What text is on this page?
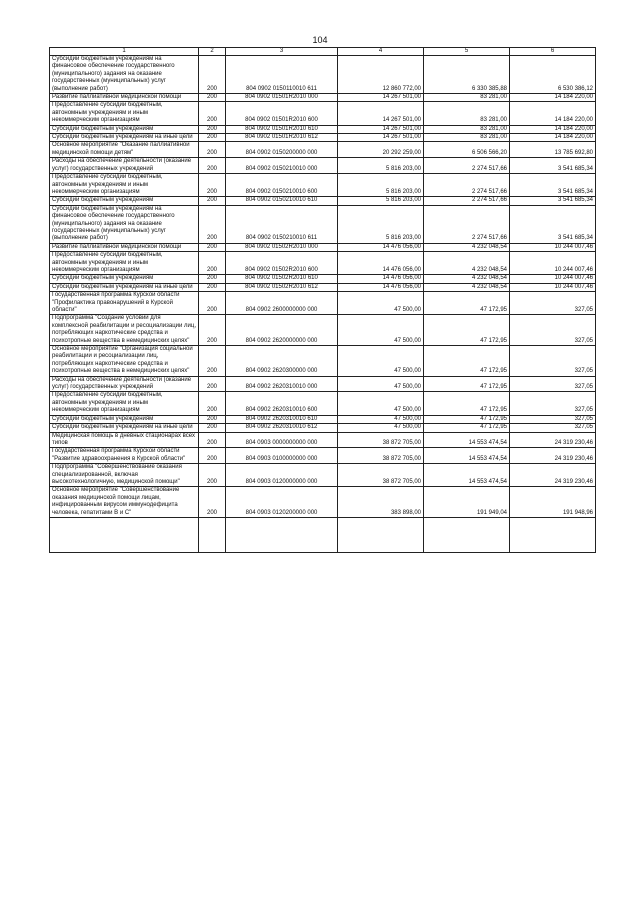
104
1	2	3	4	5	6
Субсидии бюджетным учреждениям на финансовое обеспечение государственного (муниципального) задания на оказание государственных (муниципальных) услуг (выполнение работ)	200	804 0902 0150110010 611	12 860 772,00	6 330 385,88	6 530 386,12
Развитие паллиативной медицинской помощи	200	804 0902 01501R2010 000	14 267 501,00	83 281,00	14 184 220,00
Предоставление субсидий бюджетным, автономным учреждениям и иным некоммерческим организациям	200	804 0902 01501R2010 600	14 267 501,00	83 281,00	14 184 220,00
Субсидии бюджетным учреждениям	200	804 0902 01501R2010 610	14 267 501,00	83 281,00	14 184 220,00
Субсидии бюджетным учреждениям на иные цели	200	804 0902 01501R2010 612	14 267 501,00	83 281,00	14 184 220,00
Основное мероприятие "Оказание паллиативной медицинской помощи детям"	200	804 0902 0150200000 000	20 292 259,00	6 506 566,20	13 785 692,80
Расходы на обеспечение деятельности (оказание услуг) государственных учреждений	200	804 0902 0150210010 000	5 816 203,00	2 274 517,66	3 541 685,34
Предоставление субсидий бюджетным, автономным учреждениям и иным некоммерческим организациям	200	804 0902 0150210010 600	5 816 203,00	2 274 517,66	3 541 685,34
Субсидии бюджетным учреждениям	200	804 0902 0150210010 610	5 816 203,00	2 274 517,66	3 541 685,34
Субсидии бюджетным учреждениям на финансовое обеспечение государственного (муниципального) задания на оказание государственных (муниципальных) услуг (выполнение работ)	200	804 0902 0150210010 611	5 816 203,00	2 274 517,66	3 541 685,34
Развитие паллиативной медицинской помощи	200	804 0902 01502R2010 000	14 476 056,00	4 232 048,54	10 244 007,46
Предоставление субсидий бюджетным, автономным учреждениям и иным некоммерческим организациям	200	804 0902 01502R2010 600	14 476 056,00	4 232 048,54	10 244 007,46
Субсидии бюджетным учреждениям	200	804 0902 01502R2010 610	14 476 056,00	4 232 048,54	10 244 007,46
Субсидии бюджетным учреждениям на иные цели	200	804 0902 01502R2010 612	14 476 056,00	4 232 048,54	10 244 007,46
Государственная программа Курской области "Профилактика правонарушений в Курской области"	200	804 0902 2600000000 000	47 500,00	47 172,95	327,05
Подпрограмма "Создание условий для комплексной реабилитации и ресоциализации лиц, потребляющих наркотические средства и психотропные вещества в немедицинских целях"	200	804 0902 2620000000 000	47 500,00	47 172,95	327,05
Основное мероприятие "Организация социальной реабилитации и ресоциализации лиц, потребляющих наркотические средства и психотропные вещества в немедицинских целях"	200	804 0902 2620300000 000	47 500,00	47 172,95	327,05
Расходы на обеспечение деятельности (оказание услуг) государственных учреждений	200	804 0902 2620310010 000	47 500,00	47 172,95	327,05
Предоставление субсидий бюджетным, автономным учреждениям и иным некоммерческим организациям	200	804 0902 2620310010 600	47 500,00	47 172,95	327,05
Субсидии бюджетным учреждениям	200	804 0902 2620310010 610	47 500,00	47 172,95	327,05
Субсидии бюджетным учреждениям на иные цели	200	804 0902 2620310010 612	47 500,00	47 172,95	327,05
Медицинская помощь в дневных стационарах всех типов	200	804 0903 0000000000 000	38 872 705,00	14 553 474,54	24 319 230,46
Государственная программа Курской области "Развитие здравоохранения в Курской области"	200	804 0903 0100000000 000	38 872 705,00	14 553 474,54	24 319 230,46
Подпрограмма "Совершенствование оказания специализированной, включая высокотехнологичную, медицинской помощи"	200	804 0903 0120000000 000	38 872 705,00	14 553 474,54	24 319 230,46
Основное мероприятие "Совершенствование оказания медицинской помощи лицам, инфицированным вирусом иммунодефицита человека, гепатитами В и С"	200	804 0903 0120200000 000	383 898,00	191 949,04	191 948,96
